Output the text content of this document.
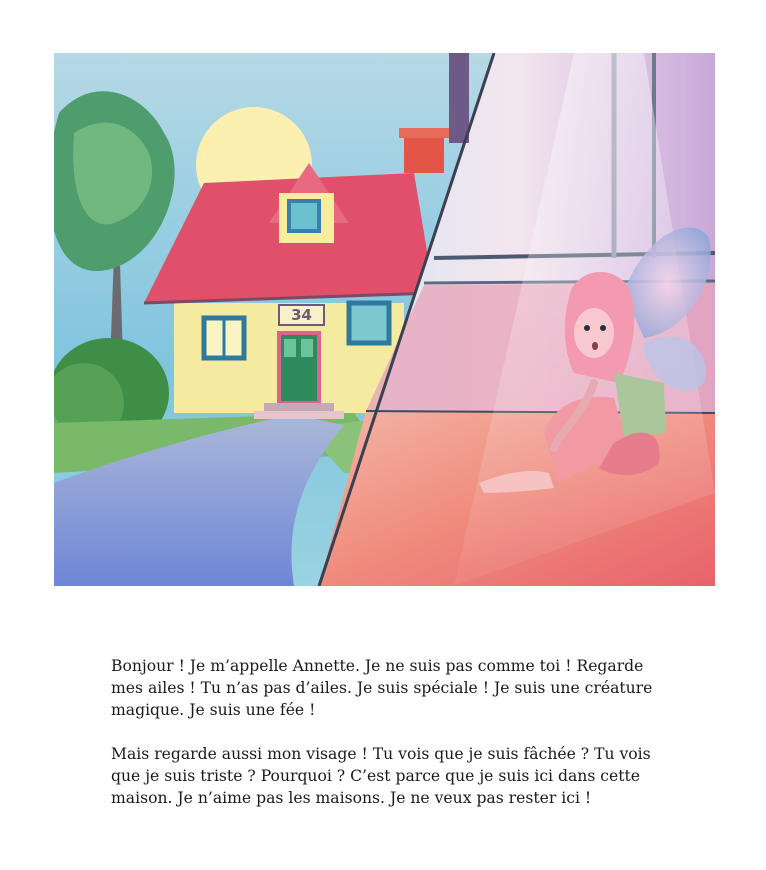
34

Bonjour ! Je m’appelle Annette. Je ne suis pas comme toi ! Regarde mes ailes ! Tu n’as pas d’ailes. Je suis spéciale ! Je suis une créature magique. Je suis une fée !

Mais regarde aussi mon visage ! Tu vois que je suis fâchée ? Tu vois que je suis triste ? Pourquoi ? C’est parce que je suis ici dans cette maison. Je n’aime pas les maisons. Je ne veux pas rester ici !
